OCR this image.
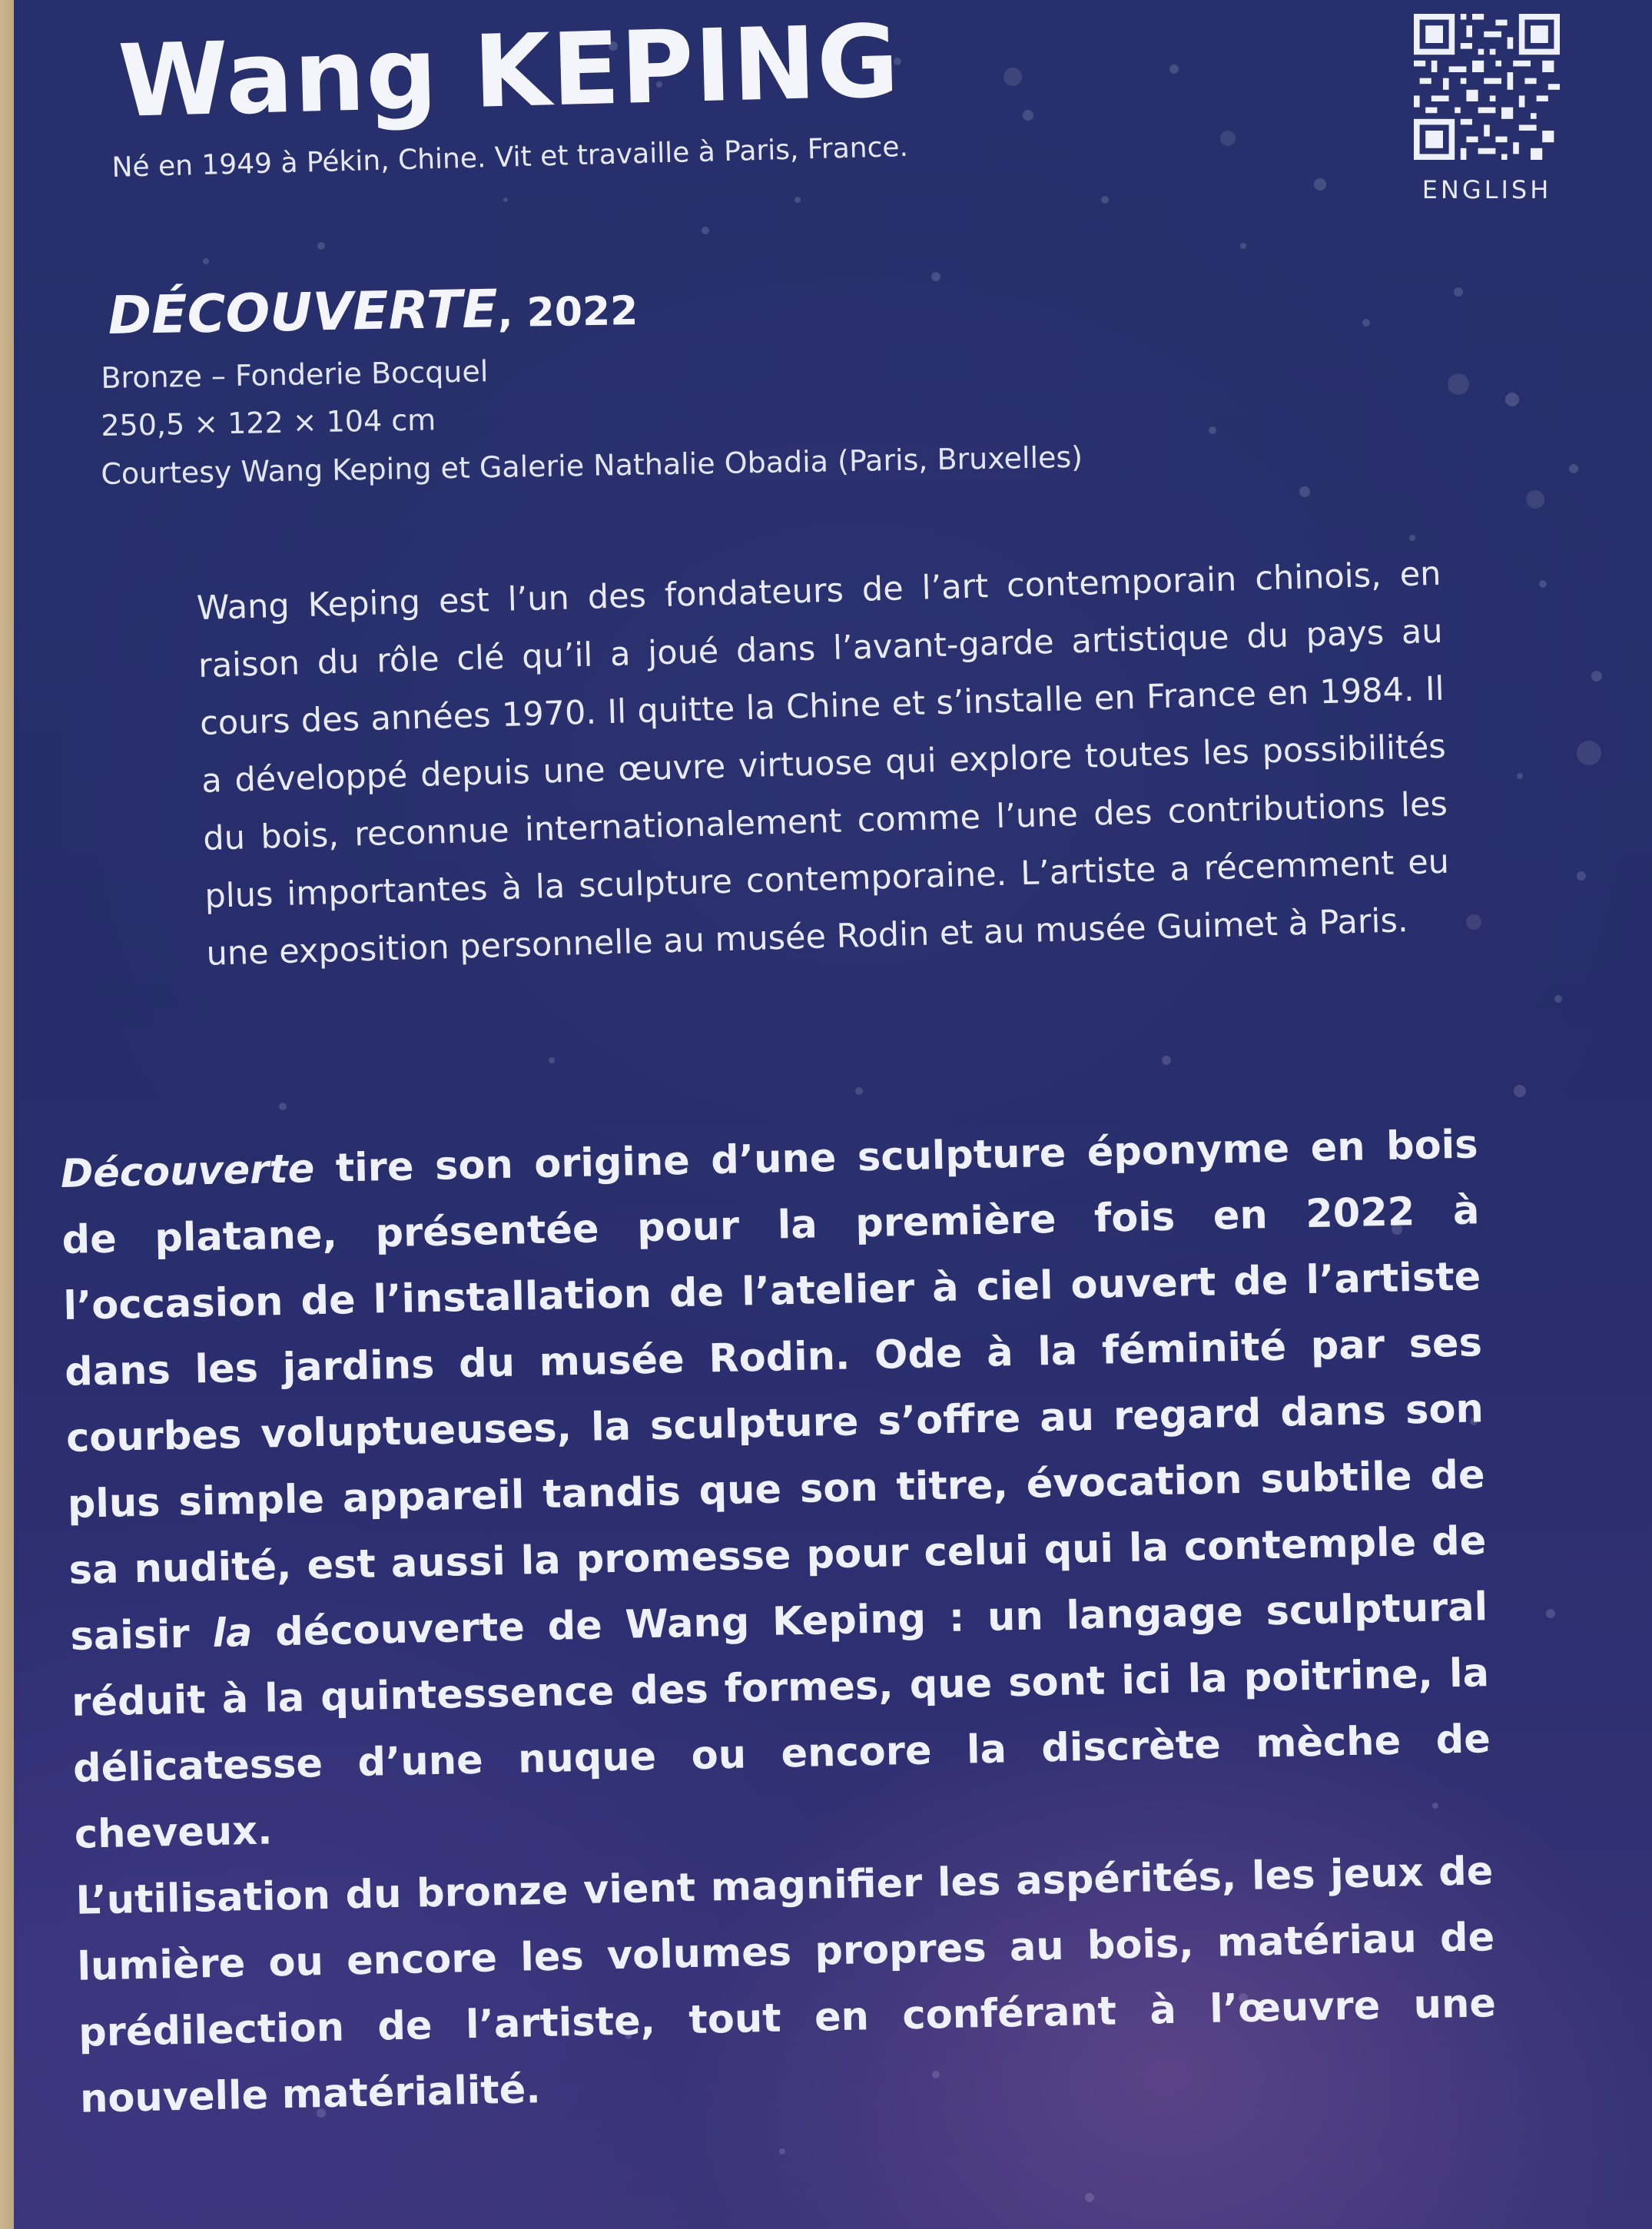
Wang KEPING
Né en 1949 à Pékin, Chine. Vit et travaille à Paris, France.
ENGLISH
DÉCOUVERTE, 2022
Bronze – Fonderie Bocquel
250,5 × 122 × 104 cm
Courtesy Wang Keping et Galerie Nathalie Obadia (Paris, Bruxelles)

Wang Keping est l’un des fondateurs de l’art contemporain chinois, en raison du rôle clé qu’il a joué dans l’avant-garde artistique du pays au cours des années 1970. Il quitte la Chine et s’installe en France en 1984. Il a développé depuis une œuvre virtuose qui explore toutes les possibilités du bois, reconnue internationalement comme l’une des contributions les plus importantes à la sculpture contemporaine. L’artiste a récemment eu une exposition personnelle au musée Rodin et au musée Guimet à Paris.

Découverte tire son origine d’une sculpture éponyme en bois de platane, présentée pour la première fois en 2022 à l’occasion de l’installation de l’atelier à ciel ouvert de l’artiste dans les jardins du musée Rodin. Ode à la féminité par ses courbes voluptueuses, la sculpture s’offre au regard dans son plus simple appareil tandis que son titre, évocation subtile de sa nudité, est aussi la promesse pour celui qui la contemple de saisir la découverte de Wang Keping : un langage sculptural réduit à la quintessence des formes, que sont ici la poitrine, la délicatesse d’une nuque ou encore la discrète mèche de cheveux.

L’utilisation du bronze vient magnifier les aspérités, les jeux de lumière ou encore les volumes propres au bois, matériau de prédilection de l’artiste, tout en conférant à l’œuvre une nouvelle matérialité.
